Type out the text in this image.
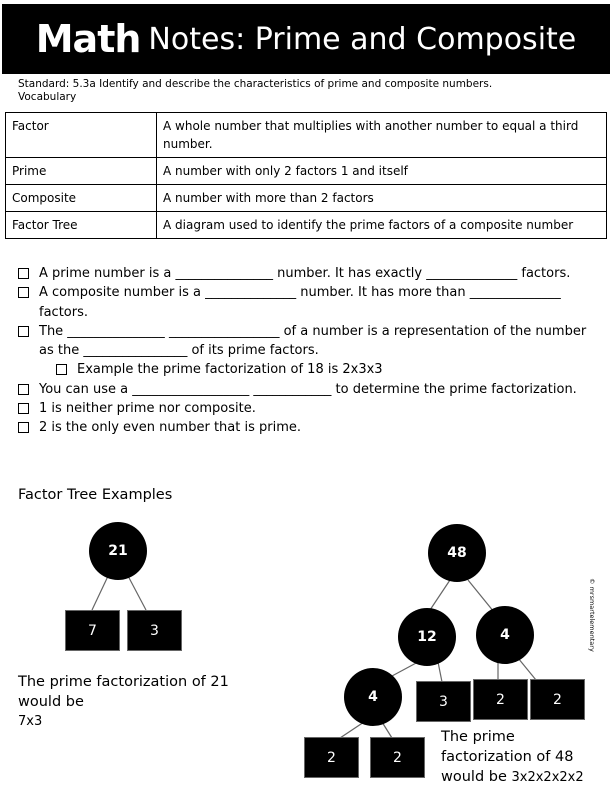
Math Notes: Prime and Composite
Standard: 5.3a Identify and describe the characteristics of prime and composite numbers.
Vocabulary
Factor	A whole number that multiplies with another number to equal a third number.
Prime	A number with only 2 factors 1 and itself
Composite	A number with more than 2 factors
Factor Tree	A diagram used to identify the prime factors of a composite number
A prime number is a _______________ number. It has exactly ______________ factors.
A composite number is a ______________ number. It has more than ______________ factors.
The _______________ _________________ of a number is a representation of the number as the ________________ of its prime factors.
Example the prime factorization of 18 is 2x3x3
You can use a __________________ ____________ to determine the prime factorization.
1 is neither prime nor composite.
2 is the only even number that is prime.
Factor Tree Examples
21
7	3
The prime factorization of 21 would be
7x3
48
12	4
4	3	2	2
2	2
The prime factorization of 48 would be 3x2x2x2x2
© mrsmartelementary
